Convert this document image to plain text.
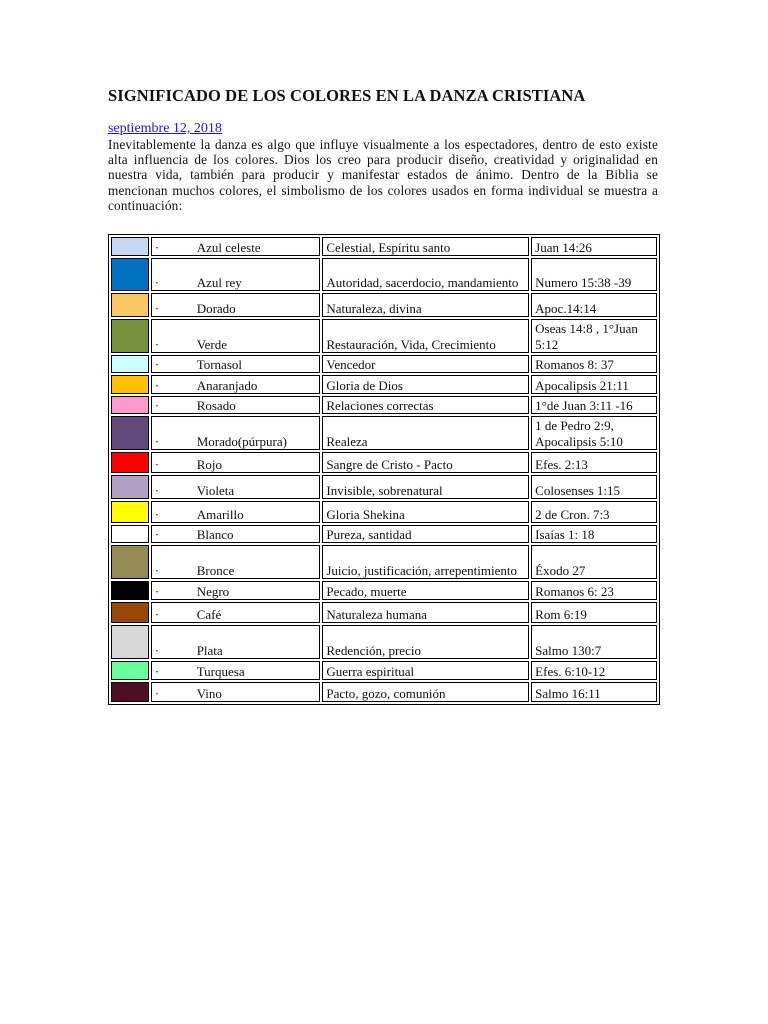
SIGNIFICADO DE LOS COLORES EN LA DANZA CRISTIANA
septiembre 12, 2018
Inevitablemente la danza es algo que influye visualmente a los espectadores, dentro de esto existe alta influencia de los colores. Dios los creo para producir diseño, creatividad y originalidad en nuestra vida, también para producir y manifestar estados de ánimo. Dentro de la Biblia se mencionan muchos colores, el simbolismo de los colores usados en forma individual se muestra a continuación:
	· Azul celeste	Celestial, Espíritu santo	Juan 14:26
	· Azul rey	Autoridad, sacerdocio, mandamiento	Numero 15:38 -39
	· Dorado	Naturaleza, divina	Apoc.14:14
	· Verde	Restauración, Vida, Crecimiento	Oseas 14:8 , 1°Juan 5:12
	· Tornasol	Vencedor	Romanos 8: 37
	· Anaranjado	Gloria de Dios	Apocalipsis 21:11
	· Rosado	Relaciones correctas	1°de Juan 3:11 -16
	· Morado(púrpura)	Realeza	1 de Pedro 2:9, Apocalipsis 5:10
	· Rojo	Sangre de Cristo - Pacto	Efes. 2:13
	· Violeta	Invisible, sobrenatural	Colosenses 1:15
	· Amarillo	Gloria Shekina	2 de Cron. 7:3
	· Blanco	Pureza, santidad	Isaías 1: 18
	· Bronce	Juicio, justificación, arrepentimiento	Éxodo 27
	· Negro	Pecado, muerte	Romanos 6: 23
	· Café	Naturaleza humana	Rom 6:19
	· Plata	Redención, precio	Salmo 130:7
	· Turquesa	Guerra espiritual	Efes. 6:10-12
	· Vino	Pacto, gozo, comunión	Salmo 16:11
